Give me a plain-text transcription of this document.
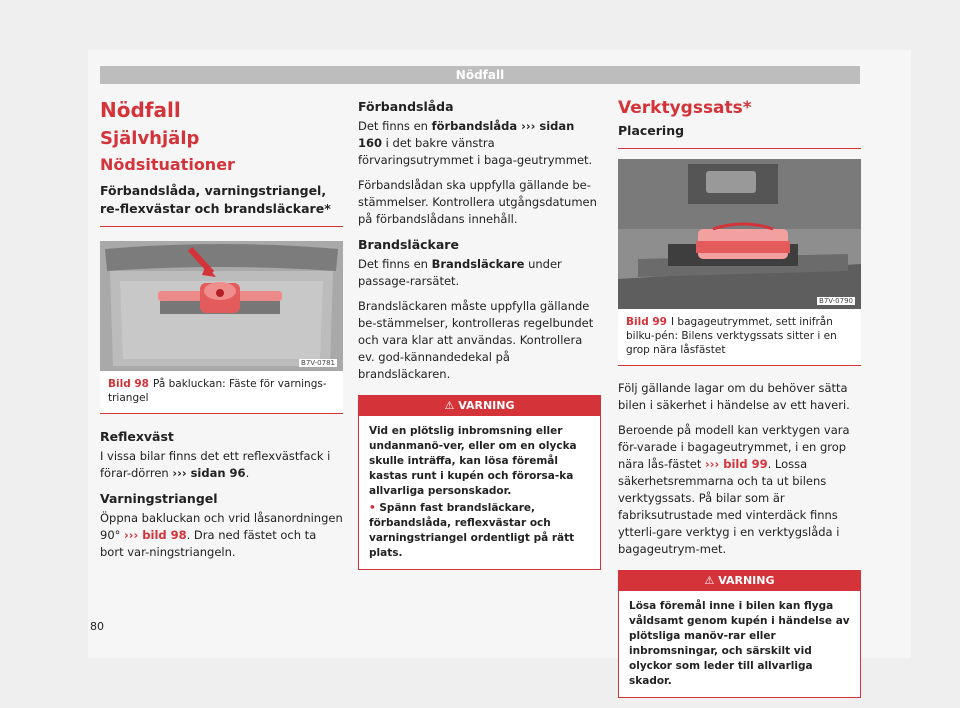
Nödfall
Nödfall
Självhjälp
Nödsituationer
Förbandslåda, varningstriangel, re-flexvästar och brandsläckare*
B7V-0781
Bild 98 På bakluckan: Fäste för varnings-triangel
Reflexväst

I vissa bilar finns det ett reflexvästfack i förar-dörren ››› sidan 96.

Varningstriangel

Öppna bakluckan och vrid låsanordningen 90° ››› bild 98. Dra ned fästet och ta bort var-ningstriangeln.

Förbandslåda

Det finns en förbandslåda ››› sidan 160 i det bakre vänstra förvaringsutrymmet i baga-geutrymmet.

Förbandslådan ska uppfylla gällande be-stämmelser. Kontrollera utgångsdatumen på förbandslådans innehåll.

Brandsläckare

Det finns en Brandsläckare under passage-rarsätet.

Brandsläckaren måste uppfylla gällande be-stämmelser, kontrolleras regelbundet och vara klar att användas. Kontrollera ev. god-kännandedekal på brandsläckaren.

⚠ VARNING
Vid en plötslig inbromsning eller undanmanö-ver, eller om en olycka skulle inträffa, kan lösa föremål kastas runt i kupén och förorsa-ka allvarliga personskador.
• Spänn fast brandsläckare, förbandslåda, reflexvästar och varningstriangel ordentligt på rätt plats.
Verktygssats*
Placering
B7V-0790
Bild 99 I bagageutrymmet, sett inifrån bilku-pén: Bilens verktygssats sitter i en grop nära låsfästet

Följ gällande lagar om du behöver sätta bilen i säkerhet i händelse av ett haveri.

Beroende på modell kan verktygen vara för-varade i bagageutrymmet, i en grop nära lås-fästet ››› bild 99. Lossa säkerhetsremmarna och ta ut bilens verktygssats. På bilar som är fabriksutrustade med vinterdäck finns ytterli-gare verktyg i en verktygslåda i bagageutrym-met.

⚠ VARNING
Lösa föremål inne i bilen kan flyga våldsamt genom kupén i händelse av plötsliga manöv-rar eller inbromsningar, och särskilt vid olyckor som leder till allvarliga skador.
80
